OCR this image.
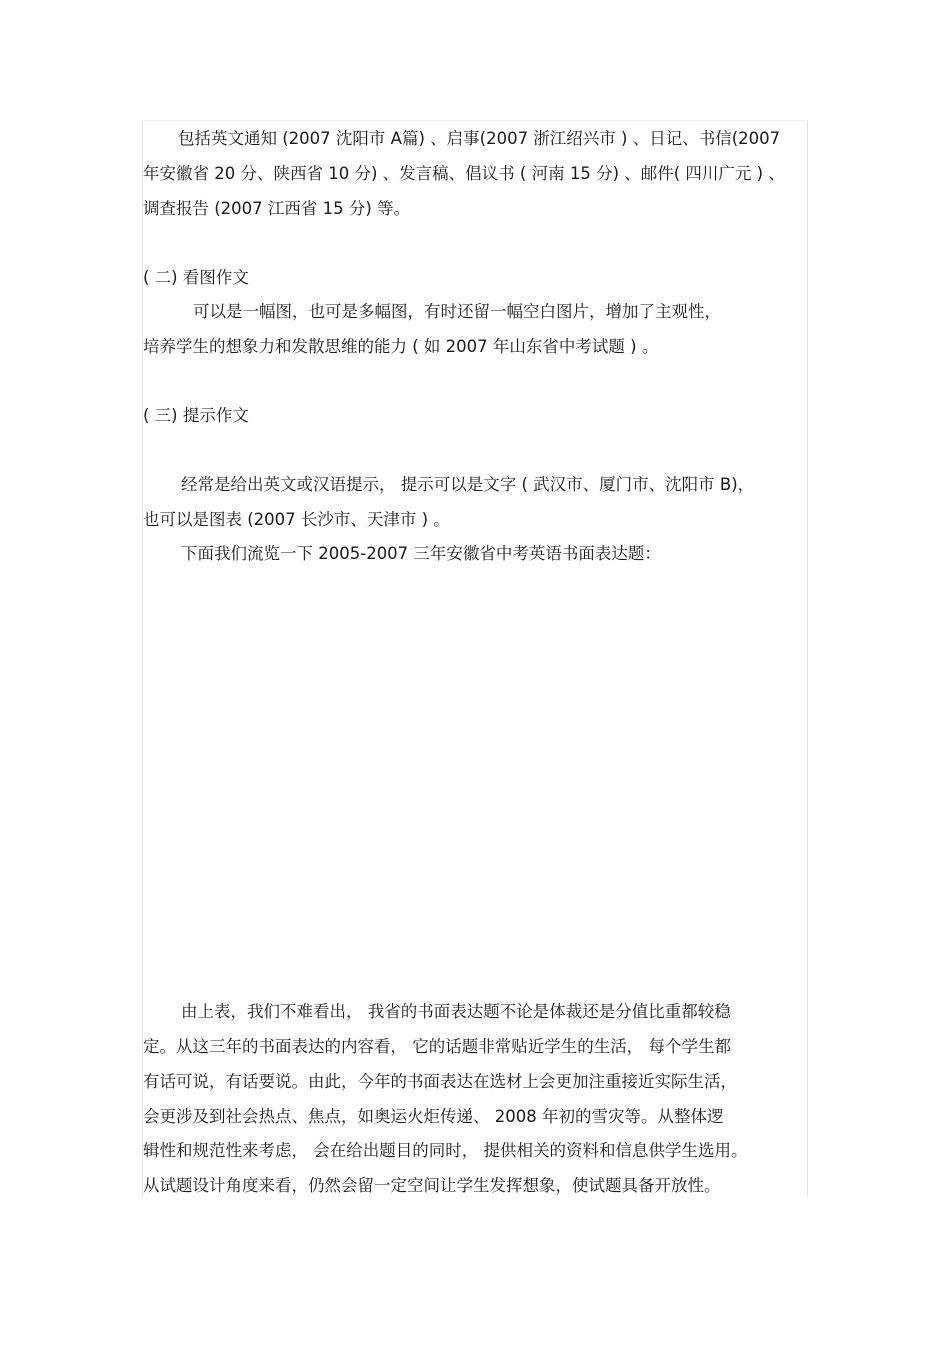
包括英文通知 (2007 沈阳市 A篇) 、启事(2007 浙江绍兴市 ) 、日记、书信(2007
年安徽省 20 分、陕西省 10 分) 、发言稿、倡议书 ( 河南 15 分) 、邮件( 四川广元 ) 、
调查报告 (2007 江西省 15 分) 等。
( 二) 看图作文
可以是一幅图，也可是多幅图，有时还留一幅空白图片，增加了主观性，
培养学生的想象力和发散思维的能力 ( 如 2007 年山东省中考试题 ) 。
( 三) 提示作文
经常是给出英文或汉语提示， 提示可以是文字 ( 武汉市、厦门市、沈阳市 B)，
也可以是图表 (2007 长沙市、天津市 ) 。
下面我们流览一下 2005-2007 三年安徽省中考英语书面表达题：
由上表，我们不难看出， 我省的书面表达题不论是体裁还是分值比重都较稳
定。从这三年的书面表达的内容看， 它的话题非常贴近学生的生活， 每个学生都
有话可说，有话要说。由此，今年的书面表达在选材上会更加注重接近实际生活，
会更涉及到社会热点、焦点，如奥运火炬传递、 2008 年初的雪灾等。从整体逻
辑性和规范性来考虑， 会在给出题目的同时， 提供相关的资料和信息供学生选用。
从试题设计角度来看，仍然会留一定空间让学生发挥想象，使试题具备开放性。
